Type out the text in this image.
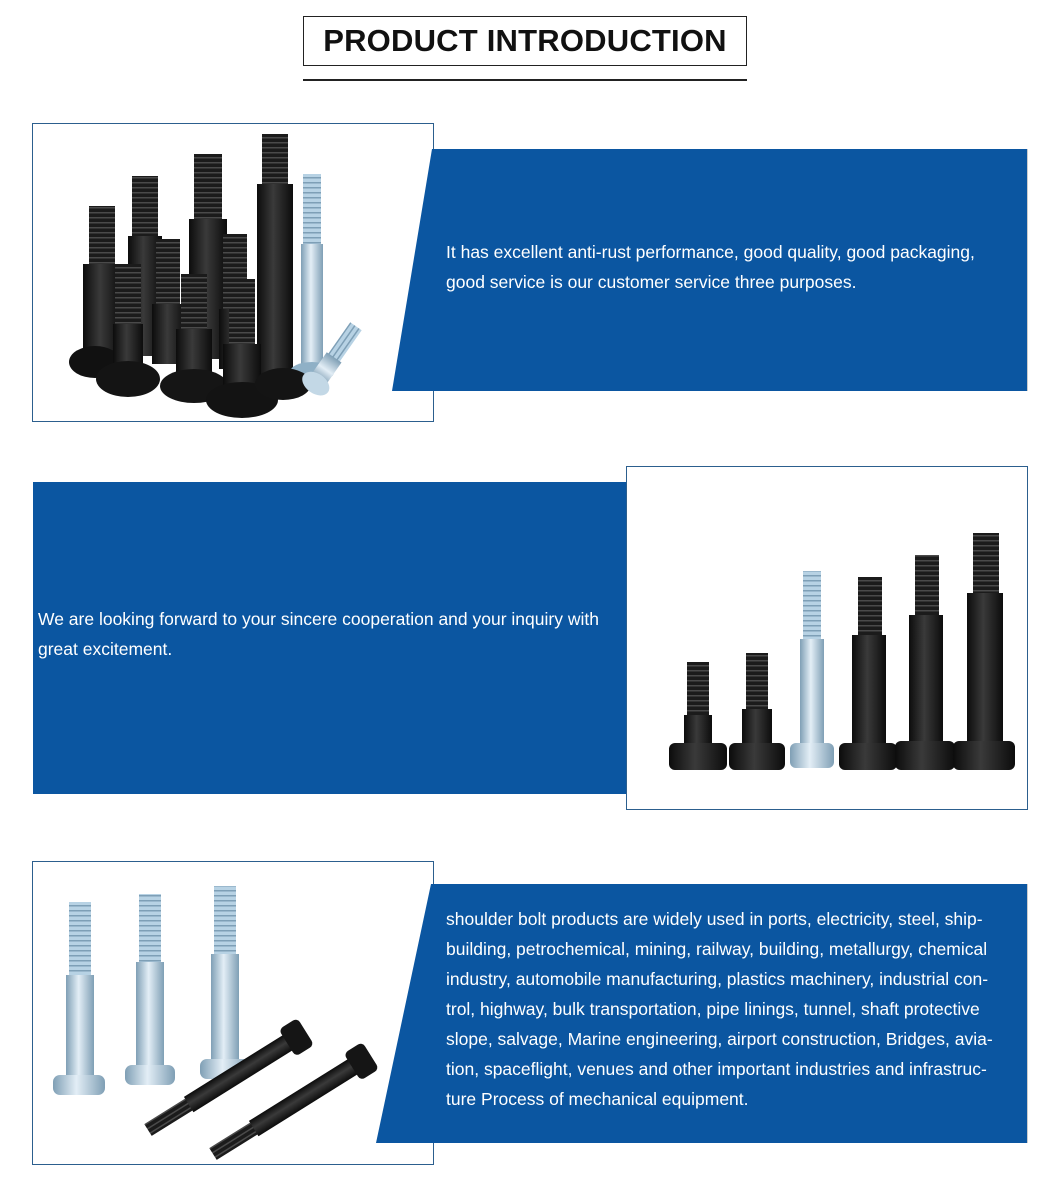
PRODUCT INTRODUCTION
It has excellent anti-rust performance, good quality, good packaging, good service is our customer service three purposes.
We are looking forward to your sincere cooperation and your inquiry with great excitement.
shoulder bolt products are widely used in ports, electricity, steel, ship-building, petrochemical, mining, railway, building, metallurgy, chemical industry, automobile manufacturing, plastics machinery, industrial con-trol, highway, bulk transportation, pipe linings, tunnel, shaft protective slope, salvage, Marine engineering, airport construction, Bridges, avia-tion, spaceflight, venues and other important industries and infrastruc-ture Process of mechanical equipment.
